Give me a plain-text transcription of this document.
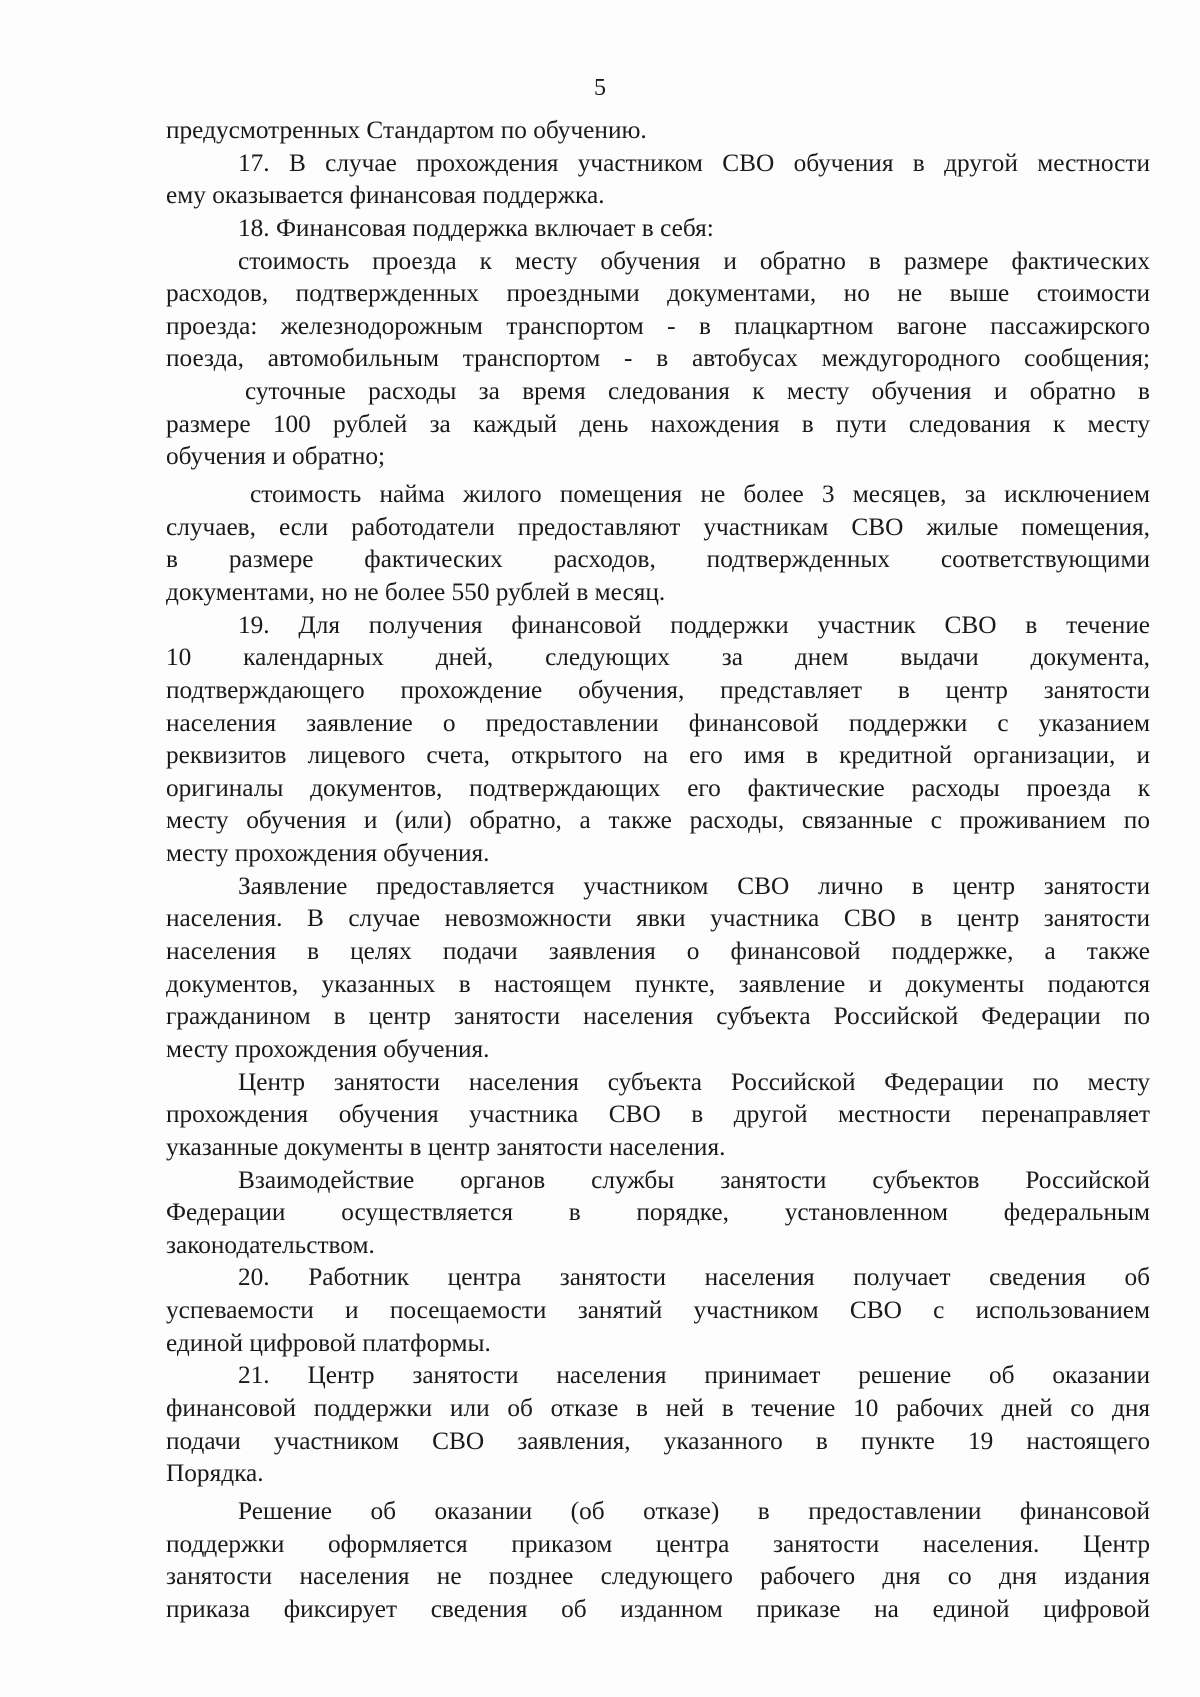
5
предусмотренных Стандартом по обучению.
17. В случае прохождения участником СВО обучения в другой местности
ему оказывается финансовая поддержка.
18. Финансовая поддержка включает в себя:
стоимость проезда к месту обучения и обратно в размере фактических
расходов, подтвержденных проездными документами, но не выше стоимости
проезда: железнодорожным транспортом - в плацкартном вагоне пассажирского
поезда, автомобильным транспортом - в автобусах междугородного сообщения;
суточные расходы за время следования к месту обучения и обратно в
размере 100 рублей за каждый день нахождения в пути следования к месту
обучения и обратно;
стоимость найма жилого помещения не более 3 месяцев, за исключением
случаев, если работодатели предоставляют участникам СВО жилые помещения,
в размере фактических расходов, подтвержденных соответствующими
документами, но не более 550 рублей в месяц.
19. Для получения финансовой поддержки участник СВО в течение
10 календарных дней, следующих за днем выдачи документа,
подтверждающего прохождение обучения, представляет в центр занятости
населения заявление о предоставлении финансовой поддержки с указанием
реквизитов лицевого счета, открытого на его имя в кредитной организации, и
оригиналы документов, подтверждающих его фактические расходы проезда к
месту обучения и (или) обратно, а также расходы, связанные с проживанием по
месту прохождения обучения.
Заявление предоставляется участником СВО лично в центр занятости
населения. В случае невозможности явки участника СВО в центр занятости
населения в целях подачи заявления о финансовой поддержке, а также
документов, указанных в настоящем пункте, заявление и документы подаются
гражданином в центр занятости населения субъекта Российской Федерации по
месту прохождения обучения.
Центр занятости населения субъекта Российской Федерации по месту
прохождения обучения участника СВО в другой местности перенаправляет
указанные документы в центр занятости населения.
Взаимодействие органов службы занятости субъектов Российской
Федерации осуществляется в порядке, установленном федеральным
законодательством.
20. Работник центра занятости населения получает сведения об
успеваемости и посещаемости занятий участником СВО с использованием
единой цифровой платформы.
21. Центр занятости населения принимает решение об оказании
финансовой поддержки или об отказе в ней в течение 10 рабочих дней со дня
подачи участником СВО заявления, указанного в пункте 19 настоящего
Порядка.
Решение об оказании (об отказе) в предоставлении финансовой
поддержки оформляется приказом центра занятости населения. Центр
занятости населения не позднее следующего рабочего дня со дня издания
приказа фиксирует сведения об изданном приказе на единой цифровой
